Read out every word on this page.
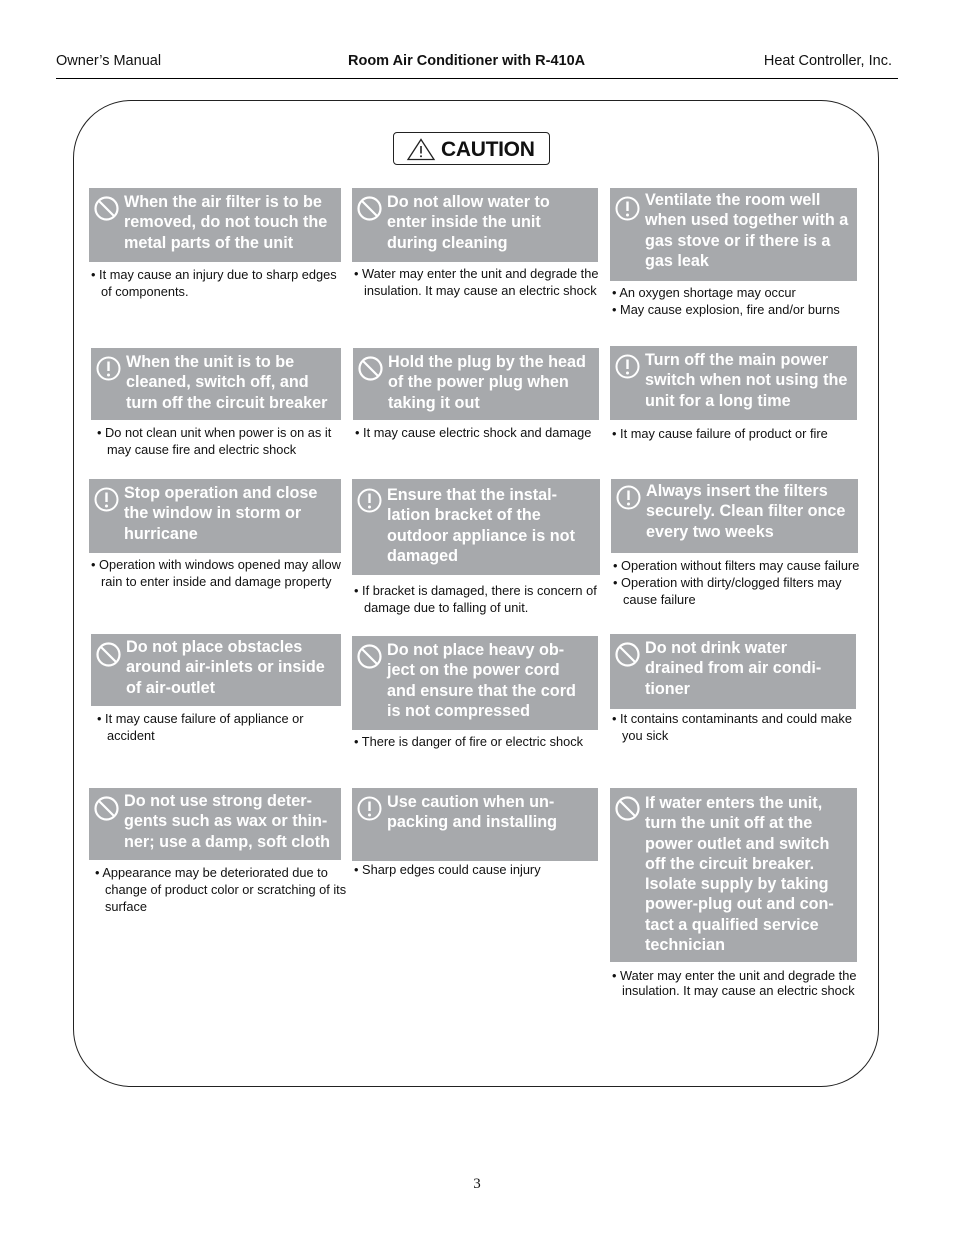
Owner’s Manual	Room Air Conditioner with R-410A	Heat Controller, Inc.
CAUTION
When the air filter is to be removed, do not touch the metal parts of the unit

• It may cause an injury due to sharp edges of components.

Do not allow water to enter inside the unit during cleaning

• Water may enter the unit and degrade the insulation. It may cause an electric shock

Ventilate the room well when used together with a gas stove or if there is a gas leak

• An oxygen shortage may occur

• May cause explosion, fire and/or burns

When the unit is to be cleaned, switch off, and turn off the circuit breaker

• Do not clean unit when power is on as it may cause fire and electric shock

Hold the plug by the head of the power plug when taking it out

• It may cause electric shock and damage

Turn off the main power switch when not using the unit for a long time

• It may cause failure of product or fire

Stop operation and close the window in storm or hurricane

• Operation with windows opened may allow rain to enter inside and damage property

Ensure that the instal-lation bracket of the outdoor appliance is not damaged

• If bracket is damaged, there is concern of damage due to falling of unit.

Always insert the filters securely. Clean filter once every two weeks

• Operation without filters may cause failure

• Operation with dirty/clogged filters may cause failure

Do not place obstacles around air-inlets or inside of air-outlet

• It may cause failure of appliance or accident

Do not place heavy ob-ject on the power cord and ensure that the cord is not compressed

• There is danger of fire or electric shock

Do not drink water drained from air condi-tioner

• It contains contaminants and could make you sick

Do not use strong deter-gents such as wax or thin-ner; use a damp, soft cloth

• Appearance may be deteriorated due to change of product color or scratching of its surface

Use caution when un-packing and installing

• Sharp edges could cause injury

If water enters the unit, turn the unit off at the power outlet and switch off the circuit breaker. Isolate supply by taking power-plug out and con-tact a qualified service technician

• Water may enter the unit and degrade the insulation. It may cause an electric shock

3
